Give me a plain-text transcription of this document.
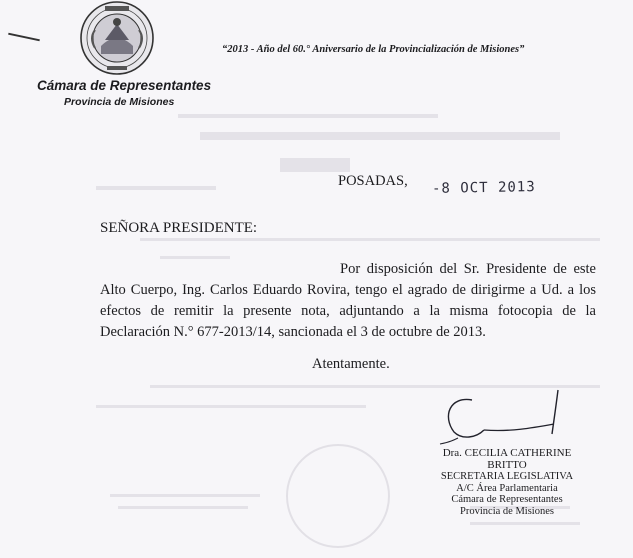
“2013 - Año del 60.° Aniversario de la Provincialización de Misiones”
Cámara de Representantes
Provincia de Misiones
POSADAS, -8 OCT 2013
SEÑORA PRESIDENTE:

Por disposición del Sr. Presidente de este Alto Cuerpo, Ing. Carlos Eduardo Rovira, tengo el agrado de dirigirme a Ud. a los efectos de remitir la presente nota, adjuntando a la misma fotocopia de la Declaración N.° 677-2013/14, sancionada el 3 de octubre de 2013.

Atentamente.
Dra. CECILIA CATHERINE BRITTO
SECRETARIA LEGISLATIVA
A/C Área Parlamentaria
Cámara de Representantes
Provincia de Misiones
